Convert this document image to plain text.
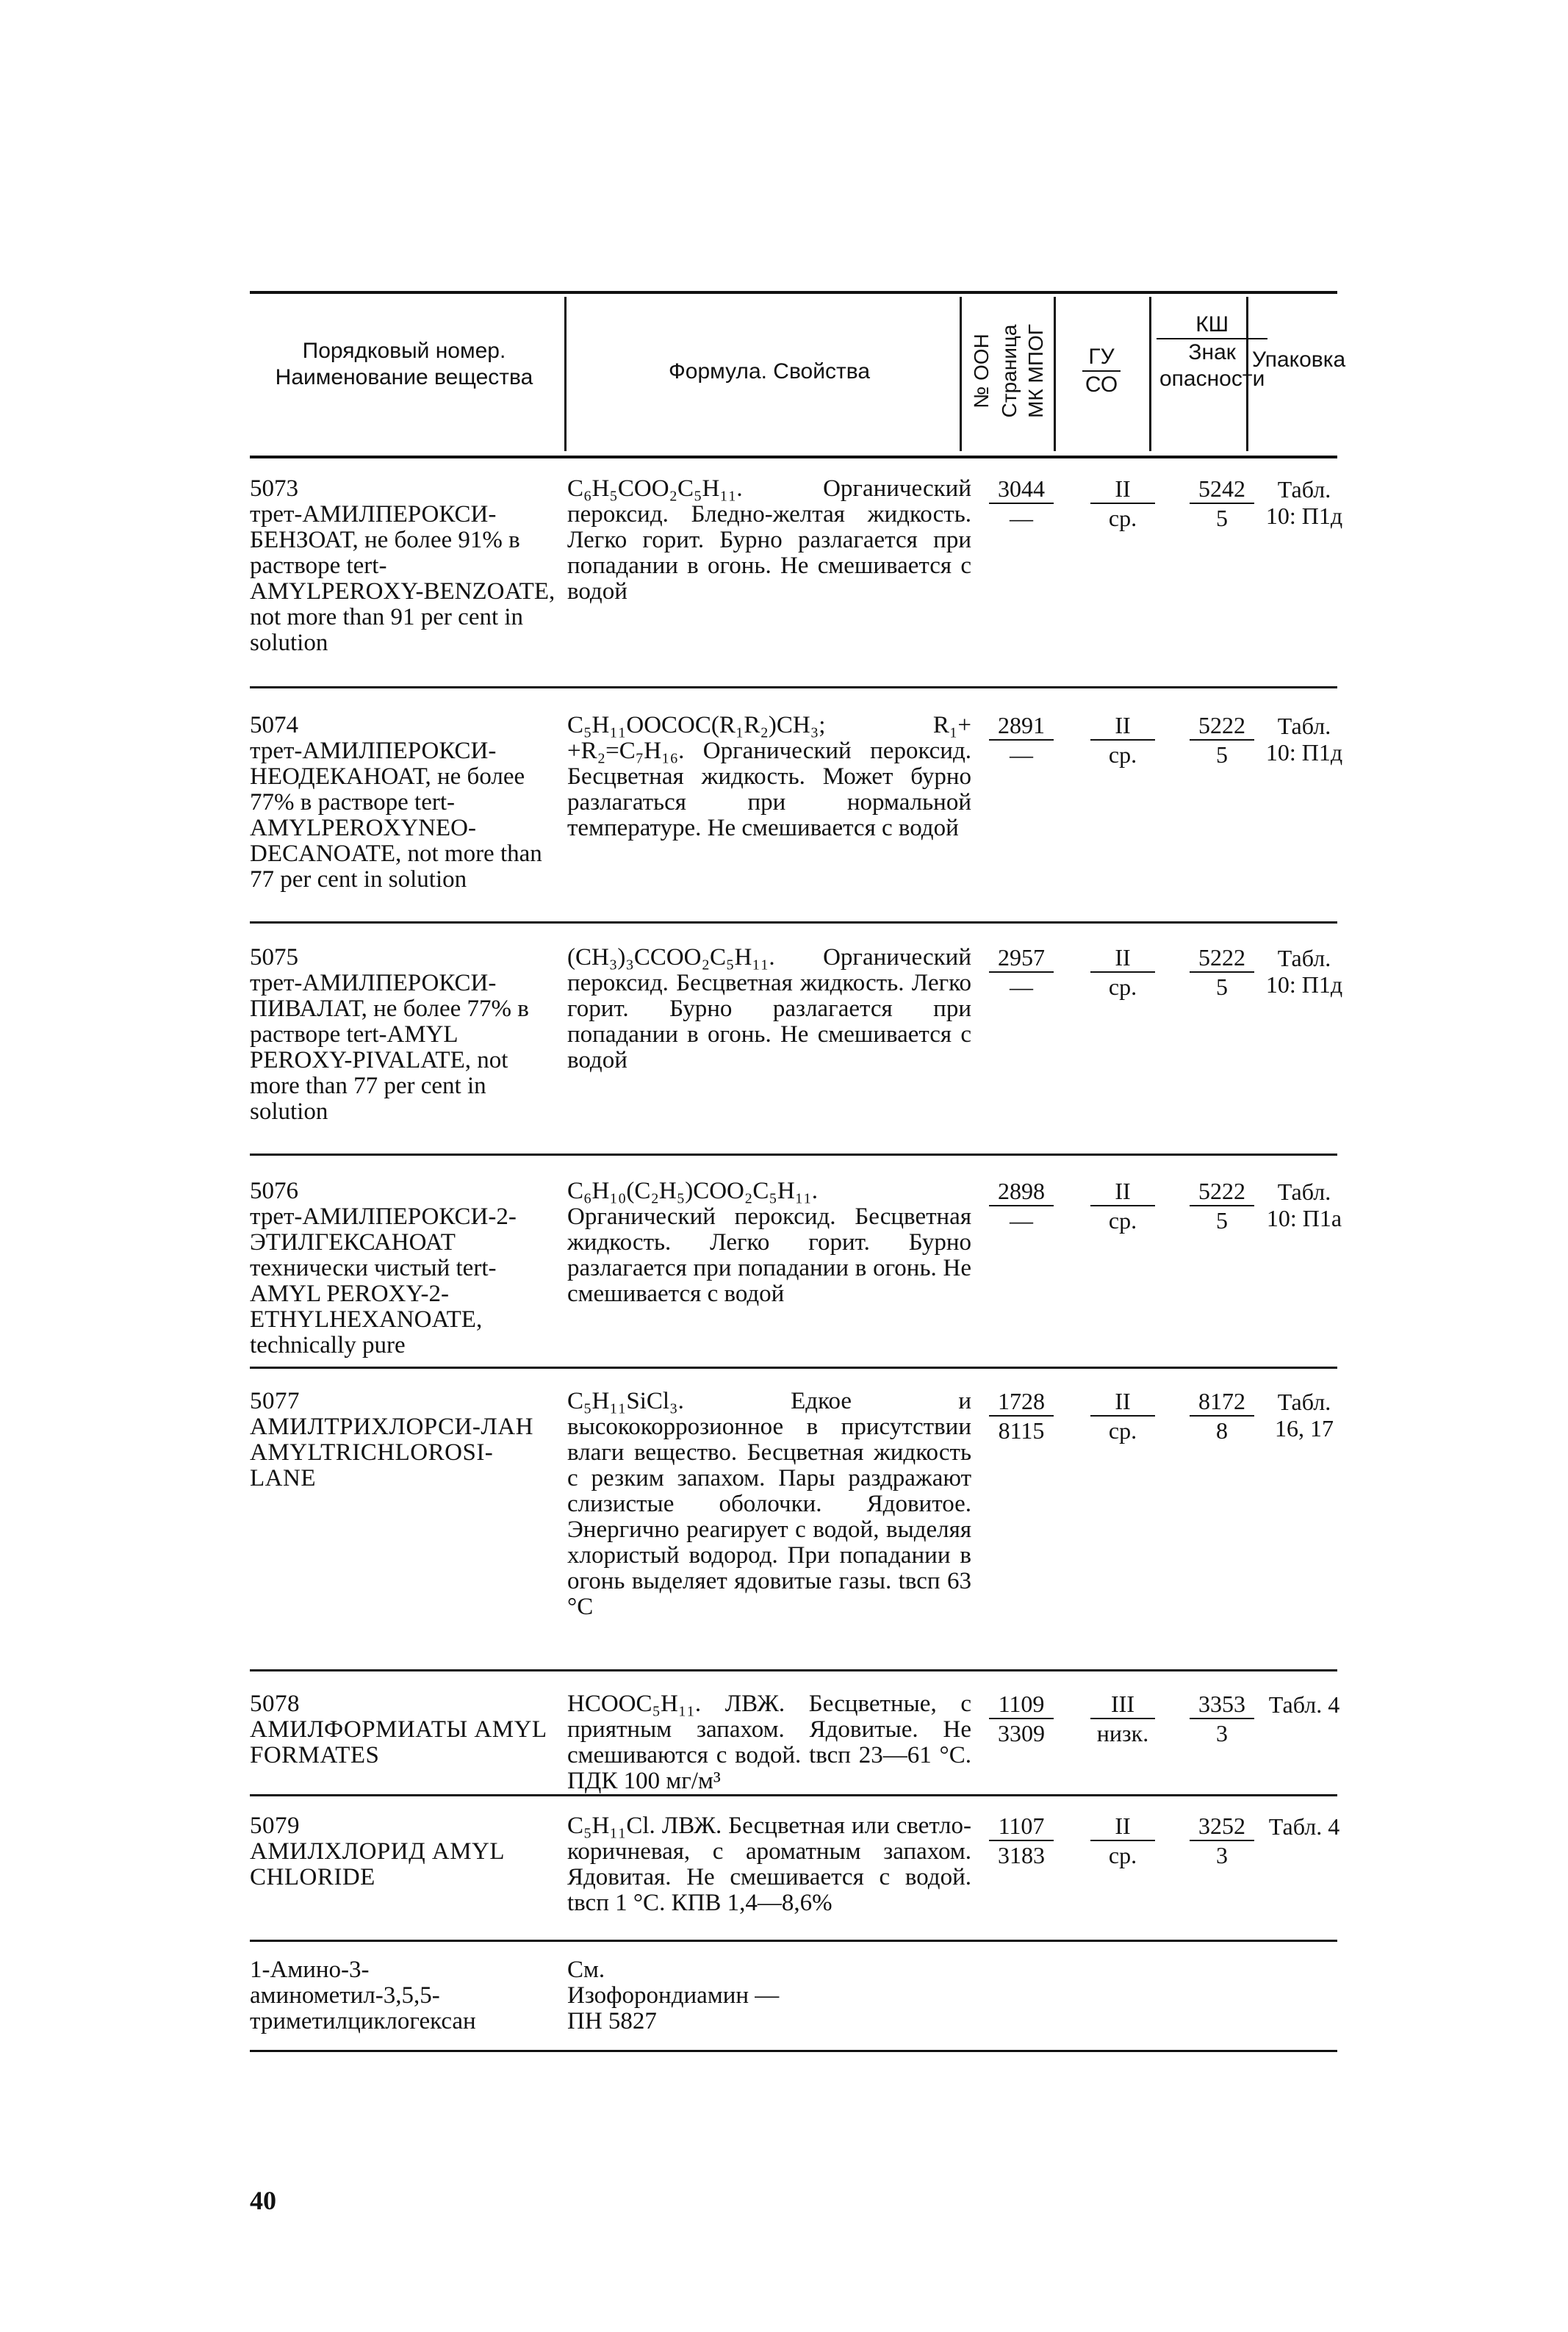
Порядковый номер. Наименование вещества	Формула. Свойства	№ ООН Страница МК МПОГ $\frac{ГУ}{СО} \frac{КШ}{\text{Знак опасности}}$
Упаковка
5073
трет-АМИЛПЕРОКСИ-БЕНЗОАТ, не более 91% в растворе tert-AMYLPEROXY-BENZOATE, not more than 91 per cent in solution
C₆H₅COO₂C₅H₁₁. Органический пероксид. Бледно-желтая жидкость. Легко горит. Бурно разлагается при попадании в огонь. Не смешивается с водой
3044
—
II
ср.
5242
5
Табл. 10: П1д
5074
трет-АМИЛПЕРОКСИ-НЕОДЕКАНОАТ, не более 77% в растворе tert-AMYLPEROXYNEO-DECANOATE, not more than 77 per cent in solution
C₅H₁₁OOCOC(R₁R₂)CH₃; R₁+ +R₂=C₇H₁₆. Органический пероксид. Бесцветная жидкость. Может бурно разлагаться при нормальной температуре. Не смешивается с водой
2891
—
II
ср.
5222
5
Табл. 10: П1д
5075
трет-АМИЛПЕРОКСИ-ПИВАЛАТ, не более 77% в растворе tert-AMYL PEROXY-PIVALATE, not more than 77 per cent in solution
(CH₃)₃CCOO₂C₅H₁₁. Органический пероксид. Бесцветная жидкость. Легко горит. Бурно разлагается при попадании в огонь. Не смешивается с водой
2957
—
II
ср.
5222
5
Табл. 10: П1д
5076
трет-АМИЛПЕРОКСИ-2-ЭТИЛГЕКСАНОАТ технически чистый tert-AMYL PEROXY-2-ETHYLHEXANOATE, technically pure
C₆H₁₀(C₂H₅)COO₂C₅H₁₁. Органический пероксид. Бесцветная жидкость. Легко горит. Бурно разлагается при попадании в огонь. Не смешивается с водой
2898
—
II
ср.
5222
5
Табл. 10: П1а
5077
АМИЛТРИХЛОРСИ-ЛАН AMYLTRICHLOROSI-LANE
C₅H₁₁SiCl₃. Едкое и высококоррозионное в присутствии влаги вещество. Бесцветная жидкость с резким запахом. Пары раздражают слизистые оболочки. Ядовитое. Энергично реагирует с водой, выделяя хлористый водород. При попадании в огонь выделяет ядовитые газы. tвсп 63 °C
1728
8115
II
ср.
8172
8
Табл. 16, 17
5078
АМИЛФОРМИАТЫ AMYL FORMATES
HCOOC₅H₁₁. ЛВЖ. Бесцветные, с приятным запахом. Ядовитые. Не смешиваются с водой. tвсп 23—61 °C. ПДК 100 мг/м³
1109
3309
III
низк.
3353
3
Табл. 4
5079
АМИЛХЛОРИД AMYL CHLORIDE
C₅H₁₁Cl. ЛВЖ. Бесцветная или светло-коричневая, с ароматным запахом. Ядовитая. Не смешивается с водой. tвсп 1 °C. КПВ 1,4—8,6%
1107
3183
II
ср.
3252
3
Табл. 4
1-Амино-3-аминометил-3,5,5-триметилциклогексан
См. Изофорондиамин — ПН 5827
40
